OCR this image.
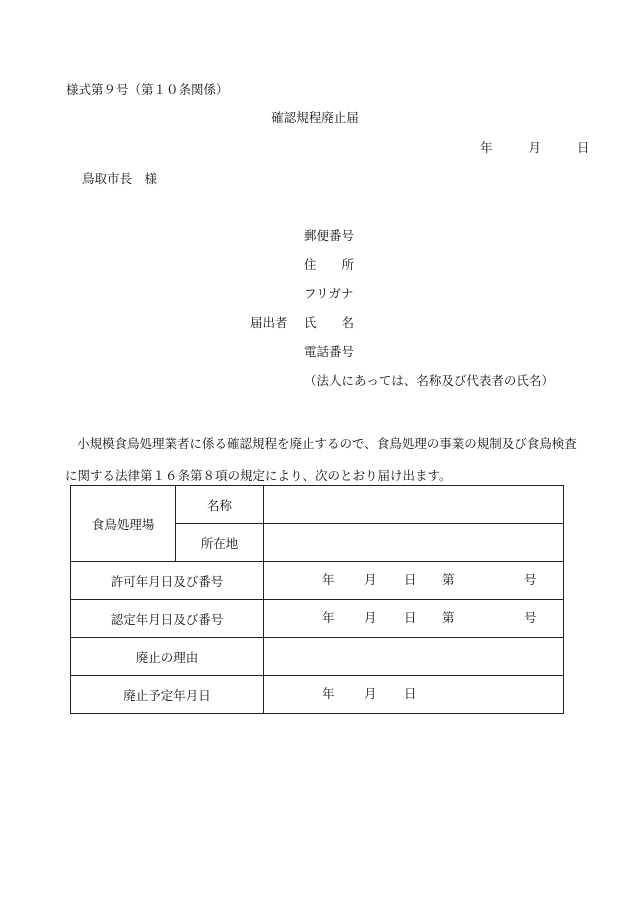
様式第９号（第１０条関係）
確認規程廃止届
年	月	日
鳥取市長　様
郵便番号
住　　所
フリガナ
届出者 氏　　名
電話番号
（法人にあっては、名称及び代表者の氏名）
小規模食鳥処理業者に係る確認規程を廃止するので、食鳥処理の事業の規制及び食鳥検査に関する法律第１６条第８項の規定により、次のとおり届け出ます。
食鳥処理場	名称	
	所在地	
許可年月日及び番号		年 月 日 第 号

認定年月日及び番号		年 月 日 第 号

廃止の理由		
廃止予定年月日		年 月 日
